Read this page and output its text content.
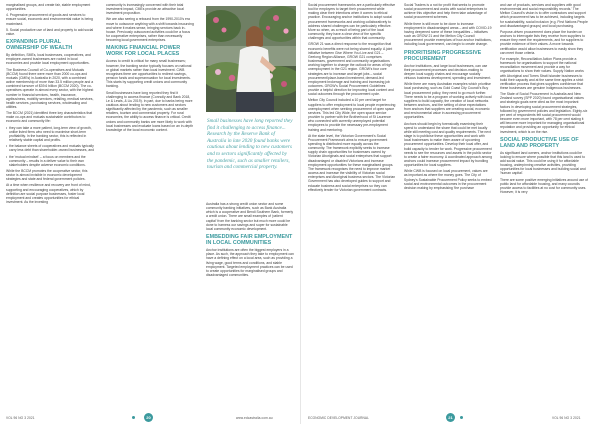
marginalised groups, and create fair, stable employment opportunities.

4. Progressive procurement of goods and services to ensure social, economic and environmental value is being maximised.

5. Social productive use of land and property to add social value.

EXPANDING PLURAL OWNERSHIP OF WEALTH

By definition, SMEs, local businesses, cooperatives, and employee-owned businesses are rooted in local economies and provide local employment opportunities.

The Business Council of Co-operatives and Mutuals (BCCM) found there were more than 2000 co-ops and mutuals (CMEs) in Australia in 2020, with a combined active membership of more than 33.5 million people and a combined turnover of $39.6 billion (BCCM 2020). The co-operatives operate in almost every sector, with the highest number in financial services, health, insurance, agribusiness, mobility services, retailing, medical services, health services, purchasing services, wholesaling and utilities.

The BCCM (2021) identified three key characteristics that make co-ops and mutuals sustainable contributors to economic and community life:

• they can take a more patient, long-term view of growth, unlike listed firms who need to maximise short-term profitability. In the banking sector, this is reflected in relatively stable capital and profits.

• the balance sheets of cooperatives and mutuals typically carry less debt than shareholder-owned businesses, and

• the 'mutual mindset' – a focus on members and the community – results in a deliver value to their own stakeholders despite adverse economic conditions.

While the BCCM promotes the cooperative sector, this sector is almost invisible in economic development strategies and state and federal government policies.

At a time when resilience and recovery are front of mind, supporting and encouraging cooperatives, which by definition are social purpose businesses, foster local employment and creates opportunities for ethical investment. As the investing

community is increasingly concerned with their total investment impact, CMEs provide an attractive local investment proposition.

We are also seeing a rebound from the 1990-2010's era move to outsource anything with a shift towards insourcing and where it makes sense, bringing services back in-house. Previously outsourced activities could be a focus for cooperative enterprises, rather than necessarily becoming local government enterprises.

MAKING FINANCIAL POWER WORK FOR LOCAL PLACES

Access to credit is critical for many small businesses; however, the banking sector typically focuses on national or global markets rather than local investment. CWB recognises there are opportunities to redirect savings, pension funds and superannuation for local investments. This starts by supporting credit unions and community banking.

Small businesses have long reported they find it challenging to access finance (Connolly and Bank 2018, Le & Lewis, & Liu 2019). In part, due to banks being more cautious about lending to new customers and sectors significantly affected by the pandemic, such as smaller retailers, tourism and commercial property. For rural economies, the ability to access finance is critical. Credit unions and community banks are more likely to work with local businesses and evaluate loans based on an in-depth knowledge of the local economic context.

Small businesses have long reported they find it challenging to access finance... Research by the Reserve Bank of Australia in late 2020 found banks were cautious about lending to new customers and to sectors significantly affected by the pandemic, such as smaller retailers, tourism and commercial property.

Australia has a strong credit union sector and some community banking initiatives, such as Bank Australia which is a cooperative and Bendi Southern Bank, formerly a credit union. There are small examples of 'patient capital' from the banking sector but much more could be done to harness our savings and super for sustainable local community economic development.

EMBEDDING FAIR EMPLOYMENT IN LOCAL COMMUNITIES

Anchor institutions are often the biggest employers in a place. As such, the approach they take to employment can have a defining effect on a local area, such as providing a living wage, good terms and conditions, and stable employment. Targeted employment practices can be used to create opportunities for marginalised groups and disadvantaged communities.

VOL 96 NO 3 2021	20	www.edcastralia.com.au

Social procurement frameworks are a particularly effective tool for employers to target their procurement while making clear their intentions when it comes to ethical practice. Encouraging anchor institutions to adopt social procurement frameworks and working collaboratively to address shared challenges can be particularly effective. More so when, as a result of being part of the local community, they have a clear view of the specific challenges and opportunities within that community.

GROW 21 was a direct response to the recognition that economic benefits were not being shared equally. A joint initiative between Give Where You Live and G21 – Geelong Region Alliance, GROW G21 comprises businesses, government and community organisations working together to change the outlook for areas of high unemployment in the G21 region. GROW's four core strategies are to increase and target jobs – social procurement/place-based investment, demand-led employment brokerage and training and increasing job outcomes. GROW's Social Procurement Guidelines provide a helpful direction for improving local content and social outcomes through the procurement cycle.

Melton City Council included a 10 per cent target for suppliers to offer employment to local people experiencing unemployment when seeking procurement of open space services. This led City Wide, the open space service provider to partner with the Brotherhood of St Laurence who connected with currently unemployed potential employees to provide the necessary pre-employment training and mentoring.

At the state level, the Victorian Government's Social Procurement Framework aims to ensure government spending is distributed more equally across the community. The framework explicitly seeks to increase supply chain opportunities for businesses owned by Victorian Aboriginals and social enterprises that support disadvantaged or disabled Victorians and increase employment opportunities for these marginalised groups. The framework recognises the need to improve market access and increase the visibility of Victorian social enterprises and Aboriginal business sectors. The Victorian Government has also developed guides to support and educate business and social enterprises so they can effectively tender for Victorian government contracts.

Social Traders is a not for profit that seeks to promote social procurement and works with social enterprises to achieve this objective and help them take advantage of social procurement schemes.

While there is still more to be done to increase employment in disadvantaged areas – and with COVID-19 having deepened some of these inequalities – initiatives such as GROW 21 and the Melton City Council procurement provide exemplars of how anchor institutions, including local government, can begin to create change.

PRIORITISING PROGRESSIVE PROCUREMENT

Anchor institutions, and large local businesses, can use their procurement processes and decision-making to deepen local supply chains and encourage socially virtuous business development, spending and investment.

While there are many Australian examples which prioritise local purchasing, such as Gold Coast City Council's Buy local procurement policy, they need to go much further. There needs to be a program of working actively with local suppliers to build capacity, the creation of local networks between anchors, and the setting of clear expectations from anchors that suppliers are creating social, economic and environmental value in accessing procurement opportunities.

Anchors should begin by forensically examining their spend to understand the share that could be met locally while still meeting cost and quality requirements. The next stage is to publicise these opportunities and work with local businesses to make them aware of upcoming procurement opportunities. Develop their local offer, and build capacity to tender for work. Progressive procurement needs to see the resources and assets in the public sector to create a fairer economy. A coordinated approach among anchors could increase procurement impact by bundling opportunities for local suppliers.

While CWB is focused on local procurement, values are as important as where the money goes. The City of Sydney's Sustainable Procurement Policy seeks to embed social and environmental outcomes in the procurement decision making by emphasising 'the purchase

and use of products, services and suppliers with good environmental and social responsibility records.' The Melton Council's vision is to offer contractors and support which procurement has to be achieved, including targets for sustainability, social inclusion (e.g. First Nations People and disadvantaged groups) and local purchasing.

Purpose-driven procurement does place the burden on anchors to interrogate lists they receive from suppliers to ensure they meet the requirements, and for suppliers to provide evidence of their values. A move towards certification would allow businesses to easily show they can meet those criteria.

For example, Reconciliation Action Plans provide a framework for organisations to support the national reconciliation movement and provide a way for organisations to show their values. Supply Nation works with Aboriginal and Torres Strait Islander businesses to build their capacity and at the same time applies a strict verification process that gives suppliers confidence that these businesses are genuine Indigenous businesses.

The State of Social Procurement in Australia and New Zealand survey (SPP 2020) found organisational values and strategic goals were cited as the most important factors in developing social procurement strategies, followed by government policies and legislation. Eighty-six per cent of respondents felt social procurement would become even more important, with 78 per cent stating it will become more important for managing organisational reputation and providing an opportunity for ethical investment, which is on the rise.

SOCIAL PRODUCTIVE USE OF LAND AND PROPERTY

As significant land owners, anchor institutions could be looking to ensure where possible that this land is used to add social value. This could be using it for affordable housing, underpinning creative activities, providing opportunities for local businesses and building social and 'human capital'.

There are some positive emerging initiatives around use of public land for affordable housing, and many councils provide access to facilities at no cost for community uses. However, it is very

ECONOMIC DEVELOPMENT JOURNAL	21	VOL 96 NO 3 2021
